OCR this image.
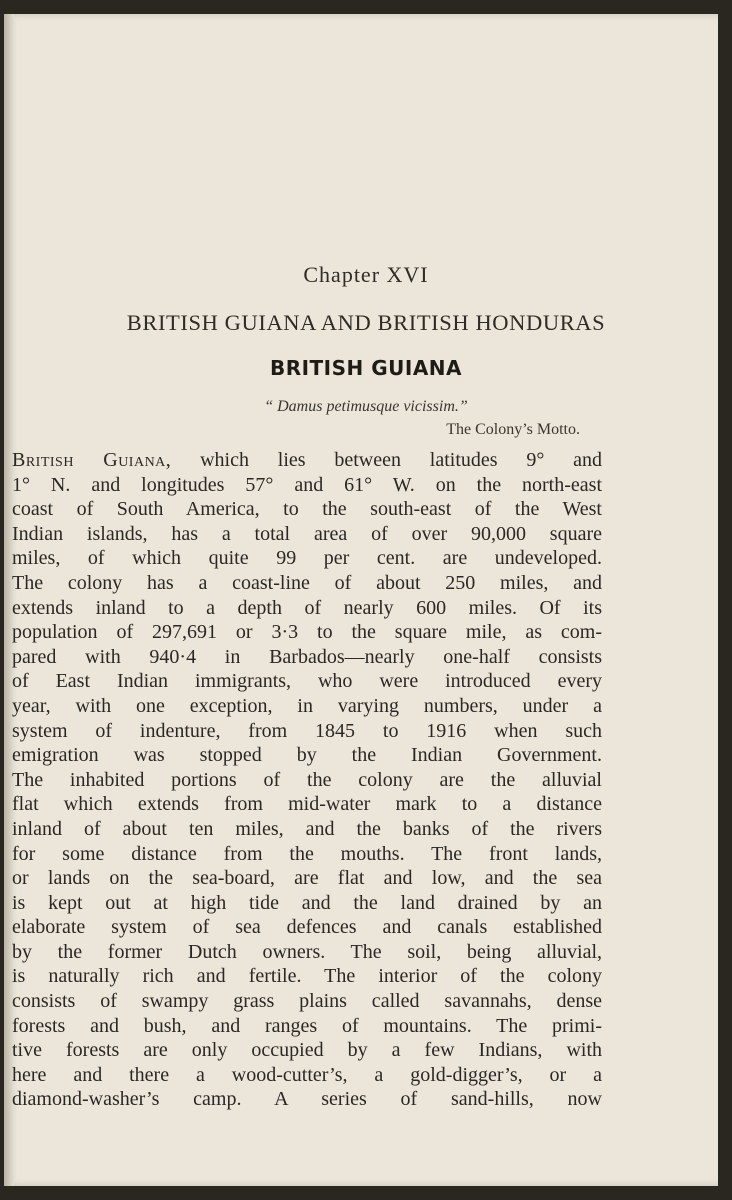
Chapter XVI
BRITISH GUIANA AND BRITISH HONDURAS
BRITISH GUIANA
“ Damus petimusque vicissim.”
The Colony’s Motto.
British Guiana, which lies between latitudes 9° and
1° N. and longitudes 57° and 61° W. on the north-east
coast of South America, to the south-east of the West
Indian islands, has a total area of over 90,000 square
miles, of which quite 99 per cent. are undeveloped.
The colony has a coast-line of about 250 miles, and
extends inland to a depth of nearly 600 miles. Of its
population of 297,691 or 3·3 to the square mile, as com-
pared with 940·4 in Barbados—nearly one-half consists
of East Indian immigrants, who were introduced every
year, with one exception, in varying numbers, under a
system of indenture, from 1845 to 1916 when such
emigration was stopped by the Indian Government.
The inhabited portions of the colony are the alluvial
flat which extends from mid-water mark to a distance
inland of about ten miles, and the banks of the rivers
for some distance from the mouths. The front lands,
or lands on the sea-board, are flat and low, and the sea
is kept out at high tide and the land drained by an
elaborate system of sea defences and canals established
by the former Dutch owners. The soil, being alluvial,
is naturally rich and fertile. The interior of the colony
consists of swampy grass plains called savannahs, dense
forests and bush, and ranges of mountains. The primi-
tive forests are only occupied by a few Indians, with
here and there a wood-cutter’s, a gold-digger’s, or a
diamond-washer’s camp. A series of sand-hills, now
